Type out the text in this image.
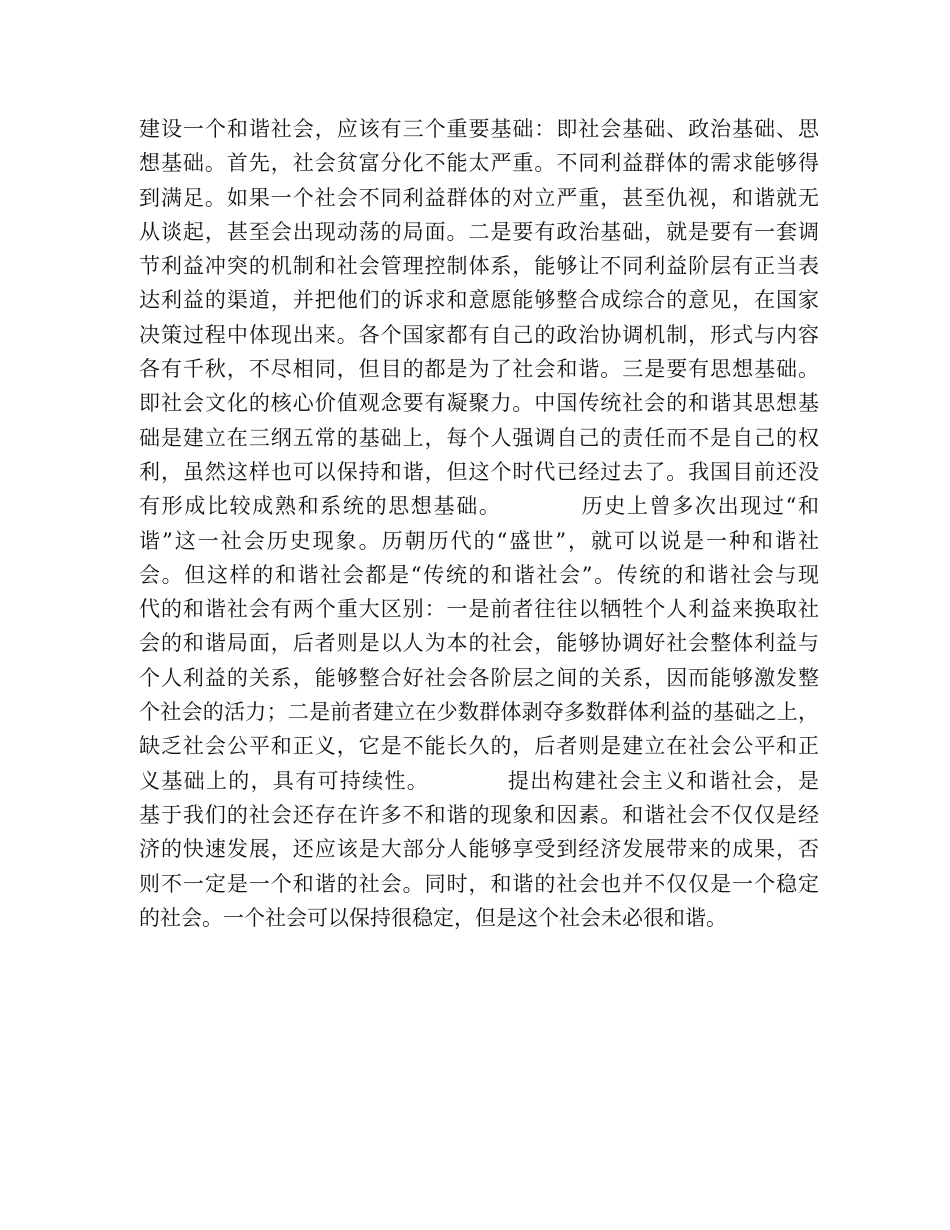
建设一个和谐社会，应该有三个重要基础：即社会基础、政治基础、思
想基础。首先，社会贫富分化不能太严重。不同利益群体的需求能够得
到满足。如果一个社会不同利益群体的对立严重，甚至仇视，和谐就无
从谈起，甚至会出现动荡的局面。二是要有政治基础，就是要有一套调
节利益冲突的机制和社会管理控制体系，能够让不同利益阶层有正当表
达利益的渠道，并把他们的诉求和意愿能够整合成综合的意见，在国家
决策过程中体现出来。各个国家都有自己的政治协调机制，形式与内容
各有千秋，不尽相同，但目的都是为了社会和谐。三是要有思想基础。
即社会文化的核心价值观念要有凝聚力。中国传统社会的和谐其思想基
础是建立在三纲五常的基础上，每个人强调自己的责任而不是自己的权
利，虽然这样也可以保持和谐，但这个时代已经过去了。我国目前还没
有形成比较成熟和系统的思想基础。　　　　历史上曾多次出现过“和
谐”这一社会历史现象。历朝历代的“盛世”，就可以说是一种和谐社
会。但这样的和谐社会都是“传统的和谐社会”。传统的和谐社会与现
代的和谐社会有两个重大区别：一是前者往往以牺牲个人利益来换取社
会的和谐局面，后者则是以人为本的社会，能够协调好社会整体利益与
个人利益的关系，能够整合好社会各阶层之间的关系，因而能够激发整
个社会的活力；二是前者建立在少数群体剥夺多数群体利益的基础之上，
缺乏社会公平和正义，它是不能长久的，后者则是建立在社会公平和正
义基础上的，具有可持续性。　　　　提出构建社会主义和谐社会，是
基于我们的社会还存在许多不和谐的现象和因素。和谐社会不仅仅是经
济的快速发展，还应该是大部分人能够享受到经济发展带来的成果，否
则不一定是一个和谐的社会。同时，和谐的社会也并不仅仅是一个稳定
的社会。一个社会可以保持很稳定，但是这个社会未必很和谐。
